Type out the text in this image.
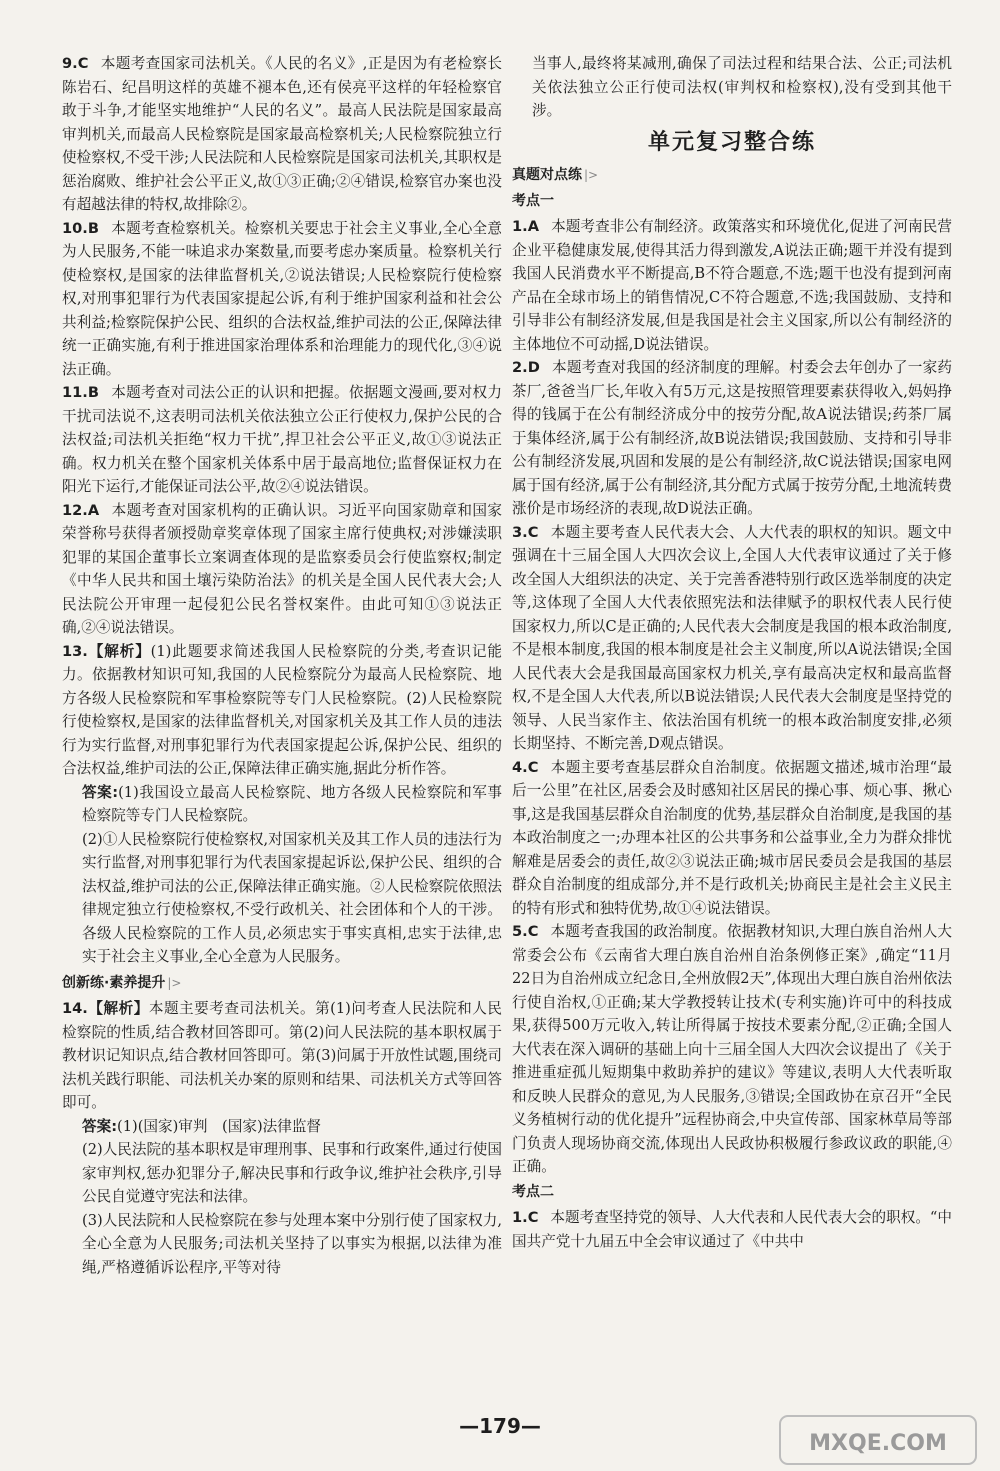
9.C 本题考查国家司法机关。《人民的名义》,正是因为有老检察长陈岩石、纪昌明这样的英雄不褪本色,还有侯亮平这样的年轻检察官敢于斗争,才能坚实地维护“人民的名义”。最高人民法院是国家最高审判机关,而最高人民检察院是国家最高检察机关;人民检察院独立行使检察权,不受干涉;人民法院和人民检察院是国家司法机关,其职权是惩治腐败、维护社会公平正义,故①③正确;②④错误,检察官办案也没有超越法律的特权,故排除②。

10.B 本题考查检察机关。检察机关要忠于社会主义事业,全心全意为人民服务,不能一味追求办案数量,而要考虑办案质量。检察机关行使检察权,是国家的法律监督机关,②说法错误;人民检察院行使检察权,对刑事犯罪行为代表国家提起公诉,有利于维护国家利益和社会公共利益;检察院保护公民、组织的合法权益,维护司法的公正,保障法律统一正确实施,有利于推进国家治理体系和治理能力的现代化,③④说法正确。

11.B 本题考查对司法公正的认识和把握。依据题文漫画,要对权力干扰司法说不,这表明司法机关依法独立公正行使权力,保护公民的合法权益;司法机关拒绝“权力干扰”,捍卫社会公平正义,故①③说法正确。权力机关在整个国家机关体系中居于最高地位;监督保证权力在阳光下运行,才能保证司法公平,故②④说法错误。

12.A 本题考查对国家机构的正确认识。习近平向国家勋章和国家荣誉称号获得者颁授勋章奖章体现了国家主席行使典权;对涉嫌渎职犯罪的某国企董事长立案调查体现的是监察委员会行使监察权;制定《中华人民共和国土壤污染防治法》的机关是全国人民代表大会;人民法院公开审理一起侵犯公民名誉权案件。由此可知①③说法正确,②④说法错误。

13.【解析】(1)此题要求简述我国人民检察院的分类,考查识记能力。依据教材知识可知,我国的人民检察院分为最高人民检察院、地方各级人民检察院和军事检察院等专门人民检察院。(2)人民检察院行使检察权,是国家的法律监督机关,对国家机关及其工作人员的违法行为实行监督,对刑事犯罪行为代表国家提起公诉,保护公民、组织的合法权益,维护司法的公正,保障法律正确实施,据此分析作答。

答案:(1)我国设立最高人民检察院、地方各级人民检察院和军事检察院等专门人民检察院。

(2)①人民检察院行使检察权,对国家机关及其工作人员的违法行为实行监督,对刑事犯罪行为代表国家提起诉讼,保护公民、组织的合法权益,维护司法的公正,保障法律正确实施。②人民检察院依照法律规定独立行使检察权,不受行政机关、社会团体和个人的干涉。各级人民检察院的工作人员,必须忠实于事实真相,忠实于法律,忠实于社会主义事业,全心全意为人民服务。

创新练·素养提升 |>

14.【解析】本题主要考查司法机关。第(1)问考查人民法院和人民检察院的性质,结合教材回答即可。第(2)问人民法院的基本职权属于教材识记知识点,结合教材回答即可。第(3)问属于开放性试题,围绕司法机关践行职能、司法机关办案的原则和结果、司法机关方式等回答即可。

答案:(1)(国家)审判　(国家)法律监督

(2)人民法院的基本职权是审理刑事、民事和行政案件,通过行使国家审判权,惩办犯罪分子,解决民事和行政争议,维护社会秩序,引导公民自觉遵守宪法和法律。

(3)人民法院和人民检察院在参与处理本案中分别行使了国家权力,全心全意为人民服务;司法机关坚持了以事实为根据,以法律为准绳,严格遵循诉讼程序,平等对待

当事人,最终将某减刑,确保了司法过程和结果合法、公正;司法机关依法独立公正行使司法权(审判权和检察权),没有受到其他干涉。

单元复习整合练
真题对点练 |>
考点一

1.A 本题考查非公有制经济。政策落实和环境优化,促进了河南民营企业平稳健康发展,使得其活力得到激发,A说法正确;题干并没有提到我国人民消费水平不断提高,B不符合题意,不选;题干也没有提到河南产品在全球市场上的销售情况,C不符合题意,不选;我国鼓励、支持和引导非公有制经济发展,但是我国是社会主义国家,所以公有制经济的主体地位不可动摇,D说法错误。

2.D 本题考查对我国的经济制度的理解。村委会去年创办了一家药茶厂,爸爸当厂长,年收入有5万元,这是按照管理要素获得收入,妈妈挣得的钱属于在公有制经济成分中的按劳分配,故A说法错误;药茶厂属于集体经济,属于公有制经济,故B说法错误;我国鼓励、支持和引导非公有制经济发展,巩固和发展的是公有制经济,故C说法错误;国家电网属于国有经济,属于公有制经济,其分配方式属于按劳分配,土地流转费涨价是市场经济的表现,故D说法正确。

3.C 本题主要考查人民代表大会、人大代表的职权的知识。题文中强调在十三届全国人大四次会议上,全国人大代表审议通过了关于修改全国人大组织法的决定、关于完善香港特别行政区选举制度的决定等,这体现了全国人大代表依照宪法和法律赋予的职权代表人民行使国家权力,所以C是正确的;人民代表大会制度是我国的根本政治制度,不是根本制度,我国的根本制度是社会主义制度,所以A说法错误;全国人民代表大会是我国最高国家权力机关,享有最高决定权和最高监督权,不是全国人大代表,所以B说法错误;人民代表大会制度是坚持党的领导、人民当家作主、依法治国有机统一的根本政治制度安排,必须长期坚持、不断完善,D观点错误。

4.C 本题主要考查基层群众自治制度。依据题文描述,城市治理“最后一公里”在社区,居委会及时感知社区居民的操心事、烦心事、揪心事,这是我国基层群众自治制度的优势,基层群众自治制度,是我国的基本政治制度之一;办理本社区的公共事务和公益事业,全力为群众排忧解难是居委会的责任,故②③说法正确;城市居民委员会是我国的基层群众自治制度的组成部分,并不是行政机关;协商民主是社会主义民主的特有形式和独特优势,故①④说法错误。

5.C 本题考查我国的政治制度。依据教材知识,大理白族自治州人大常委会公布《云南省大理白族自治州自治条例修正案》,确定“11月22日为自治州成立纪念日,全州放假2天”,体现出大理白族自治州依法行使自治权,①正确;某大学教授转让技术(专利实施)许可中的科技成果,获得500万元收入,转让所得属于按技术要素分配,②正确;全国人大代表在深入调研的基础上向十三届全国人大四次会议提出了《关于推进重症孤儿短期集中救助养护的建议》等建议,表明人大代表听取和反映人民群众的意见,为人民服务,③错误;全国政协在京召开“全民义务植树行动的优化提升”远程协商会,中央宣传部、国家林草局等部门负责人现场协商交流,体现出人民政协积极履行参政议政的职能,④正确。

考点二

1.C 本题考查坚持党的领导、人大代表和人民代表大会的职权。“中国共产党十九届五中全会审议通过了《中共中

—179—
MXQE.COM
